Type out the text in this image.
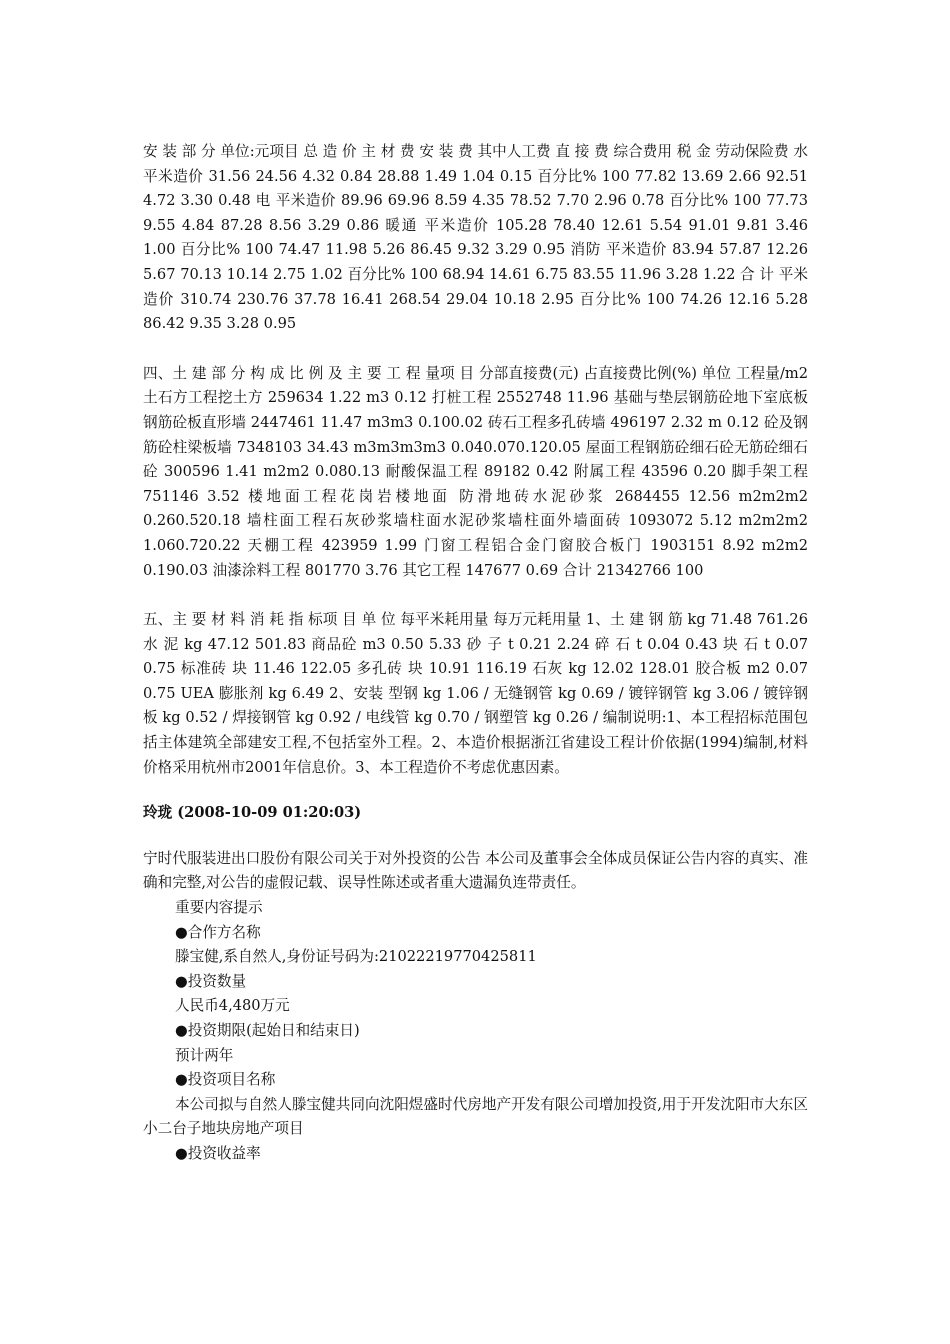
安 装 部 分 单位:元项目 总 造 价 主 材 费 安 装 费 其中人工费 直 接 费 综合费用 税 金 劳动保险费 水 平米造价 31.56 24.56 4.32 0.84 28.88 1.49 1.04 0.15 百分比% 100 77.82 13.69 2.66 92.51 4.72 3.30 0.48 电 平米造价 89.96 69.96 8.59 4.35 78.52 7.70 2.96 0.78 百分比% 100 77.73 9.55 4.84 87.28 8.56 3.29 0.86 暖通 平米造价 105.28 78.40 12.61 5.54 91.01 9.81 3.46 1.00 百分比% 100 74.47 11.98 5.26 86.45 9.32 3.29 0.95 消防 平米造价 83.94 57.87 12.26 5.67 70.13 10.14 2.75 1.02 百分比% 100 68.94 14.61 6.75 83.55 11.96 3.28 1.22 合 计 平米造价 310.74 230.76 37.78 16.41 268.54 29.04 10.18 2.95 百分比% 100 74.26 12.16 5.28 86.42 9.35 3.28 0.95

四、土 建 部 分 构 成 比 例 及 主 要 工 程 量项 目 分部直接费(元) 占直接费比例(%) 单位 工程量/m2 土石方工程挖土方 259634 1.22 m3 0.12 打桩工程 2552748 11.96 基础与垫层钢筋砼地下室底板 钢筋砼板直形墙 2447461 11.47 m3m3 0.100.02 砖石工程多孔砖墙 496197 2.32 m 0.12 砼及钢筋砼柱梁板墙 7348103 34.43 m3m3m3m3 0.040.070.120.05 屋面工程钢筋砼细石砼无筋砼细石砼 300596 1.41 m2m2 0.080.13 耐酸保温工程 89182 0.42 附属工程 43596 0.20 脚手架工程 751146 3.52 楼地面工程花岗岩楼地面 防滑地砖水泥砂浆 2684455 12.56 m2m2m2 0.260.520.18 墙柱面工程石灰砂浆墙柱面水泥砂浆墙柱面外墙面砖 1093072 5.12 m2m2m2 1.060.720.22 天棚工程 423959 1.99 门窗工程铝合金门窗胶合板门 1903151 8.92 m2m2 0.190.03 油漆涂料工程 801770 3.76 其它工程 147677 0.69 合计 21342766 100

五、主 要 材 料 消 耗 指 标项 目 单 位 每平米耗用量 每万元耗用量 1、土 建 钢 筋 kg 71.48 761.26 水 泥 kg 47.12 501.83 商品砼 m3 0.50 5.33 砂 子 t 0.21 2.24 碎 石 t 0.04 0.43 块 石 t 0.07 0.75 标准砖 块 11.46 122.05 多孔砖 块 10.91 116.19 石灰 kg 12.02 128.01 胶合板 m2 0.07 0.75 UEA 膨胀剂 kg 6.49 2、安装 型钢 kg 1.06 / 无缝钢管 kg 0.69 / 镀锌钢管 kg 3.06 / 镀锌钢板 kg 0.52 / 焊接钢管 kg 0.92 / 电线管 kg 0.70 / 钢塑管 kg 0.26 / 编制说明:1、本工程招标范围包括主体建筑全部建安工程,不包括室外工程。2、本造价根据浙江省建设工程计价依据(1994)编制,材料价格采用杭州市2001年信息价。3、本工程造价不考虑优惠因素。

玲珑 (2008-10-09 01:20:03)

宁时代服装进出口股份有限公司关于对外投资的公告 本公司及董事会全体成员保证公告内容的真实、准确和完整,对公告的虚假记载、误导性陈述或者重大遗漏负连带责任。

重要内容提示

●合作方名称

滕宝健,系自然人,身份证号码为:21022219770425811

●投资数量

人民币4,480万元

●投资期限(起始日和结束日)

预计两年

●投资项目名称

本公司拟与自然人滕宝健共同向沈阳煜盛时代房地产开发有限公司增加投资,用于开发沈阳市大东区小二台子地块房地产项目

●投资收益率
